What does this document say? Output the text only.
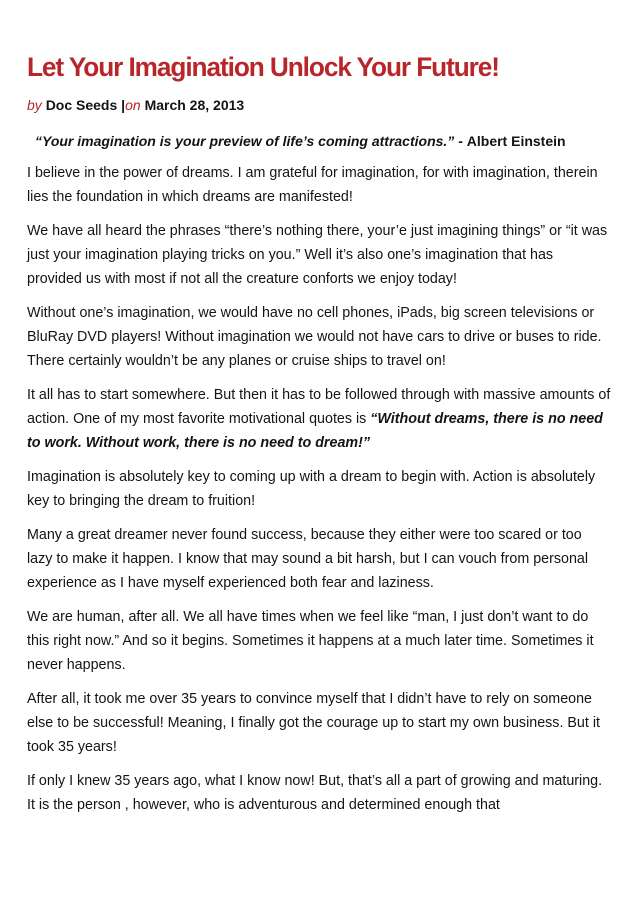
Let Your Imagination Unlock Your Future!
by Doc Seeds |on March 28, 2013
“Your imagination is your preview of life’s coming attractions.” - Albert Einstein

I believe in the power of dreams. I am grateful for imagination, for with imagination, therein lies the foundation in which dreams are manifested!

We have all heard the phrases “there’s nothing there, your’e just imagining things” or “it was just your imagination playing tricks on you.” Well it’s also one’s imagination that has provided us with most if not all the creature conforts we enjoy today!

Without one’s imagination, we would have no cell phones, iPads, big screen televisions or BluRay DVD players! Without imagination we would not have cars to drive or buses to ride. There certainly wouldn’t be any planes or cruise ships to travel on!

It all has to start somewhere. But then it has to be followed through with massive amounts of action. One of my most favorite motivational quotes is “Without dreams, there is no need to work. Without work, there is no need to dream!”

Imagination is absolutely key to coming up with a dream to begin with. Action is absolutely key to bringing the dream to fruition!

Many a great dreamer never found success, because they either were too scared or too lazy to make it happen. I know that may sound a bit harsh, but I can vouch from personal experience as I have myself experienced both fear and laziness.

We are human, after all. We all have times when we feel like “man, I just don’t want to do this right now.” And so it begins. Sometimes it happens at a much later time. Sometimes it never happens.

After all, it took me over 35 years to convince myself that I didn’t have to rely on someone else to be successful! Meaning, I finally got the courage up to start my own business. But it took 35 years!

If only I knew 35 years ago, what I know now! But, that’s all a part of growing and maturing. It is the person , however, who is adventurous and determined enough that
